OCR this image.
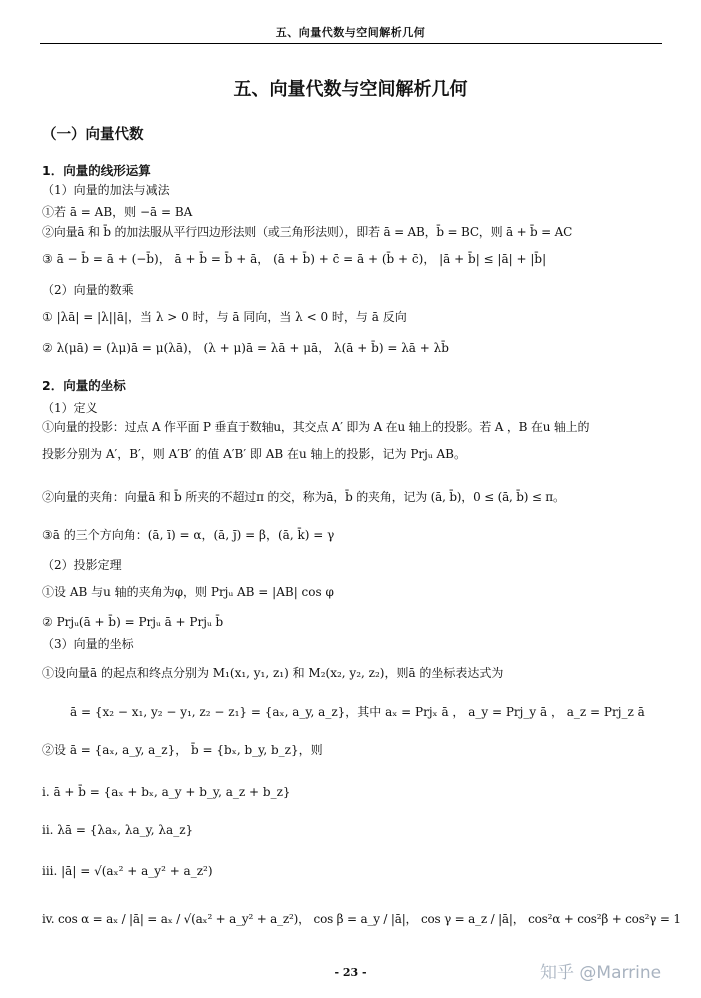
五、向量代数与空间解析几何
五、向量代数与空间解析几何
（一）向量代数
1．向量的线形运算
（1）向量的加法与减法
①若 ā = AB，则 −ā = BA
②向量ā 和 b̄ 的加法服从平行四边形法则（或三角形法则），即若 ā = AB，b̄ = BC，则 ā + b̄ = AC
③ ā − b̄ = ā + (−b̄)， ā + b̄ = b̄ + ā， (ā + b̄) + c̄ = ā + (b̄ + c̄)， |ā + b̄| ≤ |ā| + |b̄|
（2）向量的数乘
① |λā| = |λ||ā|，当 λ > 0 时，与 ā 同向，当 λ < 0 时，与 ā 反向
② λ(μā) = (λμ)ā = μ(λā)， (λ + μ)ā = λā + μā， λ(ā + b̄) = λā + λb̄
2．向量的坐标
（1）定义
①向量的投影：过点 A 作平面 P 垂直于数轴u，其交点 A′ 即为 A 在u 轴上的投影。若 A ，B 在u 轴上的
投影分别为 A′，B′，则 A′B′ 的值 A′B′ 即 AB 在u 轴上的投影，记为 Prjᵤ AB。
②向量的夹角：向量ā 和 b̄ 所夹的不超过π 的交，称为ā，b̄ 的夹角，记为 (ā, b̄)，0 ≤ (ā, b̄) ≤ π。
③ā 的三个方向角：(ā, ī) = α，(ā, j̄) = β，(ā, k̄) = γ
（2）投影定理
①设 AB 与u 轴的夹角为φ，则 Prjᵤ AB = |AB| cos φ
② Prjᵤ(ā + b̄) = Prjᵤ ā + Prjᵤ b̄
（3）向量的坐标
①设向量ā 的起点和终点分别为 M₁(x₁, y₁, z₁) 和 M₂(x₂, y₂, z₂)，则ā 的坐标表达式为
ā = {x₂ − x₁, y₂ − y₁, z₂ − z₁} = {aₓ, a_y, a_z}，其中 aₓ = Prjₓ ā ， a_y = Prj_y ā ， a_z = Prj_z ā
②设 ā = {aₓ, a_y, a_z}， b̄ = {bₓ, b_y, b_z}，则
i. ā + b̄ = {aₓ + bₓ, a_y + b_y, a_z + b_z}
ii. λā = {λaₓ, λa_y, λa_z}
iii. |ā| = √(aₓ² + a_y² + a_z²)
iv. cos α = aₓ / |ā| = aₓ / √(aₓ² + a_y² + a_z²)， cos β = a_y / |ā|， cos γ = a_z / |ā|， cos²α + cos²β + cos²γ = 1
- 23 -	知乎 @Marrine
